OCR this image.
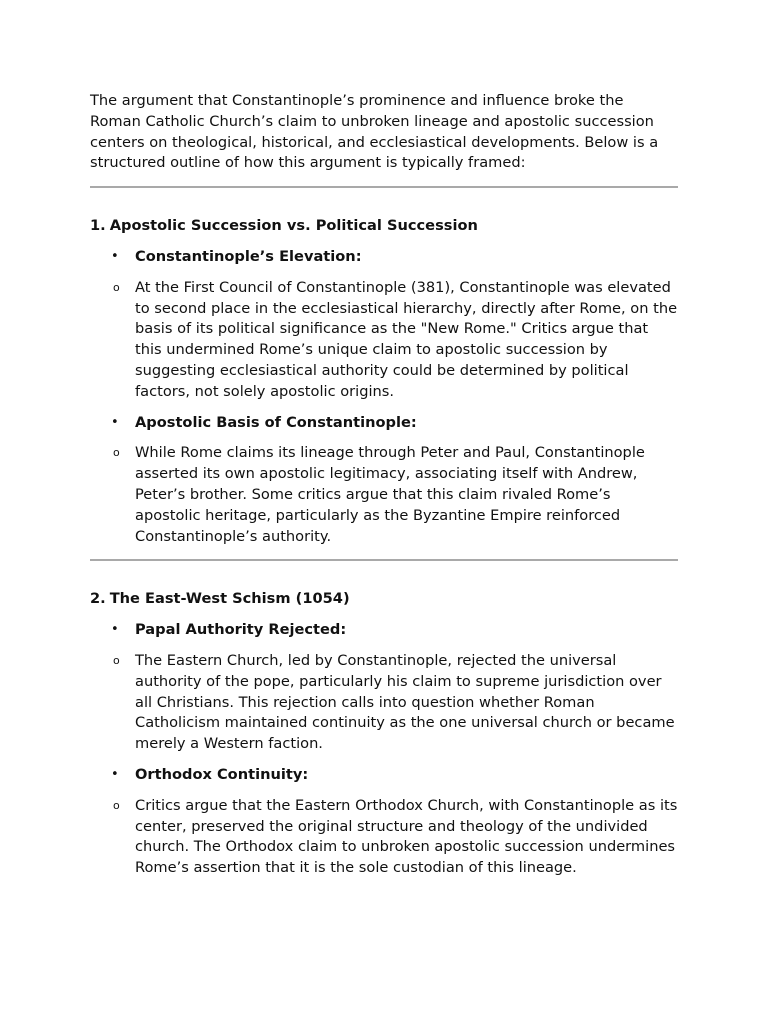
The argument that Constantinople’s prominence and influence broke the Roman Catholic Church’s claim to unbroken lineage and apostolic succession centers on theological, historical, and ecclesiastical developments. Below is a structured outline of how this argument is typically framed:

1. Apostolic Succession vs. Political Succession
• Constantinople’s Elevation:
o At the First Council of Constantinople (381), Constantinople was elevated to second place in the ecclesiastical hierarchy, directly after Rome, on the basis of its political significance as the "New Rome." Critics argue that this undermined Rome’s unique claim to apostolic succession by suggesting ecclesiastical authority could be determined by political factors, not solely apostolic origins.

• Apostolic Basis of Constantinople:
o While Rome claims its lineage through Peter and Paul, Constantinople asserted its own apostolic legitimacy, associating itself with Andrew, Peter’s brother. Some critics argue that this claim rivaled Rome’s apostolic heritage, particularly as the Byzantine Empire reinforced Constantinople’s authority.

2. The East-West Schism (1054)
• Papal Authority Rejected:
o The Eastern Church, led by Constantinople, rejected the universal authority of the pope, particularly his claim to supreme jurisdiction over all Christians. This rejection calls into question whether Roman Catholicism maintained continuity as the one universal church or became merely a Western faction.

• Orthodox Continuity:
o Critics argue that the Eastern Orthodox Church, with Constantinople as its center, preserved the original structure and theology of the undivided church. The Orthodox claim to unbroken apostolic succession undermines Rome’s assertion that it is the sole custodian of this lineage.
